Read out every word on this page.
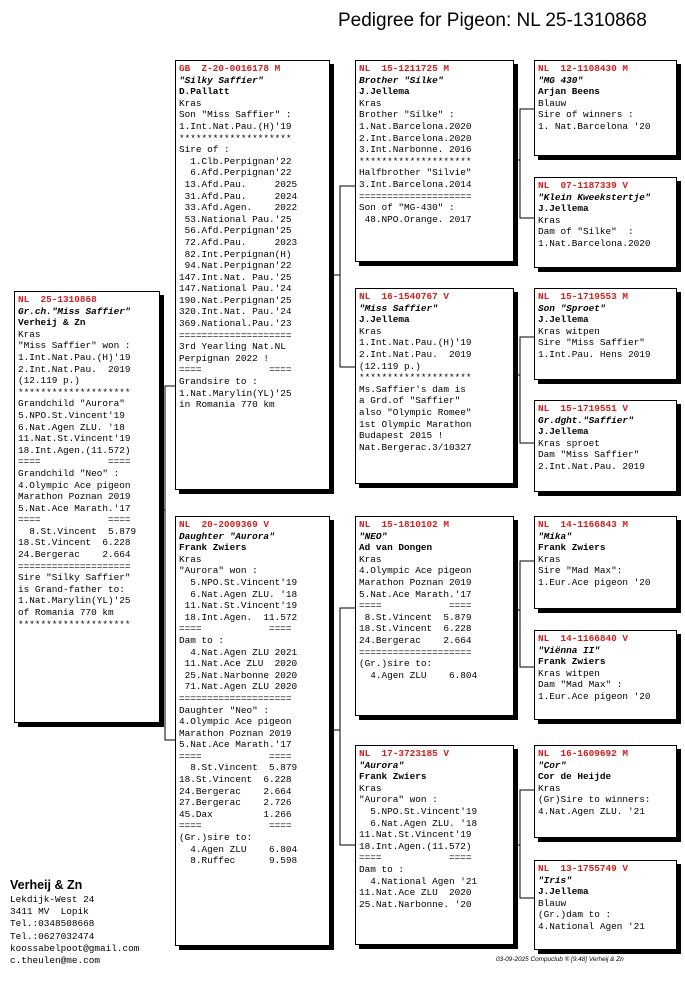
Pedigree for Pigeon: NL 25-1310868
NL  25-1310868
Gr.ch."Miss Saffier"
Verheij & Zn
Kras
"Miss Saffier" won :
1.Int.Nat.Pau.(H)'19
2.Int.Nat.Pau.  2019
(12.119 p.)
********************
Grandchild "Aurora"
5.NPO.St.Vincent'19
6.Nat.Agen ZLU. '18
11.Nat.St.Vincent'19
18.Int.Agen.(11.572)
====            ====
Grandchild "Neo" :
4.Olympic Ace pigeon
Marathon Poznan 2019
5.Nat.Ace Marath.'17
====            ====
8.St.Vincent  5.879
18.St.Vincent  6.228
24.Bergerac    2.664
====================
Sire "Silky Saffier"
is Grand-father to:
1.Nat.Marylin(YL)'25
of Romania 770 km
********************
GB  Z-20-0016178 M
"Silky Saffier"
D.Pallatt
Kras
Son "Miss Saffier" :
1.Int.Nat.Pau.(H)'19
********************
Sire of :
1.Clb.Perpignan'22
6.Afd.Perpignan'22
13.Afd.Pau.     2025
31.Afd.Pau.     2024
33.Afd.Agen.    2022
53.National Pau.'25
56.Afd.Perpignan'25
72.Afd.Pau.     2023
82.Int.Perpignan(H)
94.Nat.Perpignan'22
147.Int.Nat. Pau.'25
147.National Pau.'24
190.Nat.Perpignan'25
320.Int.Nat. Pau.'24
369.National.Pau.'23
====================
3rd Yearling Nat.NL
Perpignan 2022 !
====            ====
Grandsire to :
1.Nat.Marylin(YL)'25
in Romania 770 km
NL  20-2009369 V
Daughter "Aurora"
Frank Zwiers
Kras
"Aurora" won :
5.NPO.St.Vincent'19
6.Nat.Agen ZLU. '18
11.Nat.St.Vincent'19
18.Int.Agen.  11.572
====            ====
Dam to :
4.Nat.Agen ZLU 2021
11.Nat.Ace ZLU  2020
25.Nat.Narbonne 2020
71.Nat.Agen ZLU 2020
====================
Daughter "Neo" :
4.Olympic Ace pigeon
Marathon Poznan 2019
5.Nat.Ace Marath.'17
====            ====
8.St.Vincent  5.879
18.St.Vincent  6.228
24.Bergerac    2.664
27.Bergerac    2.726
45.Dax         1.266
====            ====
(Gr.)sire to:
4.Agen ZLU    6.804
8.Ruffec      9.598
NL  15-1211725 M
Brother "Silke"
J.Jellema
Kras
Brother "Silke" :
1.Nat.Barcelona.2020
2.Int.Barcelona.2020
3.Int.Narbonne. 2016
********************
Halfbrother "Silvie"
3.Int.Barcelona.2014
====================
Son of "MG-430" :
48.NPO.Orange. 2017
NL  16-1540767 V
"Miss Saffier"
J.Jellema
Kras
1.Int.Nat.Pau.(H)'19
2.Int.Nat.Pau.  2019
(12.119 p.)
********************
Ms.Saffier's dam is
a Grd.of "Saffier"
also "Olympic Romee"
1st Olympic Marathon
Budapest 2015 !
Nat.Bergerac.3/10327
NL  15-1810102 M
"NEO"
Ad van Dongen
Kras
4.Olympic Ace pigeon
Marathon Poznan 2019
5.Nat.Ace Marath.'17
====            ====
8.St.Vincent  5.879
18.St.Vincent  6.228
24.Bergerac    2.664
====================
(Gr.)sire to:
4.Agen ZLU    6.804
NL  17-3723185 V
"Aurora"
Frank Zwiers
Kras
"Aurora" won :
5.NPO.St.Vincent'19
6.Nat.Agen ZLU. '18
11.Nat.St.Vincent'19
18.Int.Agen.(11.572)
====            ====
Dam to :
4.National Agen '21
11.Nat.Ace ZLU  2020
25.Nat.Narbonne. '20
NL  12-1108430 M
"MG 430"
Arjan Beens
Blauw
Sire of winners :
1. Nat.Barcelona '20
NL  07-1187339 V
"Klein Kweekstertje"
J.Jellema
Kras
Dam of "Silke"  :
1.Nat.Barcelona.2020
NL  15-1719553 M
Son "Sproet"
J.Jellema
Kras witpen
Sire "Miss Saffier"
1.Int.Pau. Hens 2019
NL  15-1719551 V
Gr.dght."Saffier"
J.Jellema
Kras sproet
Dam "Miss Saffier"
2.Int.Nat.Pau. 2019
NL  14-1166843 M
"Mika"
Frank Zwiers
Kras
Sire "Mad Max":
1.Eur.Ace pigeon '20
NL  14-1166840 V
"Viënna II"
Frank Zwiers
Kras witpen
Dam "Mad Max" :
1.Eur.Ace pigeon '20
NL  16-1609692 M
"Cor"
Cor de Heijde
Kras
(Gr)Sire to winners:
4.Nat.Agen ZLU. '21
NL  13-1755749 V
"Iris"
J.Jellema
Blauw
(Gr.)dam to :
4.National Agen '21
Verheij & Zn
Lekdijk-West 24
3411 MV  Lopik
Tel.:0348508668
Tel.:0627032474
koossabelpoot@gmail.com
c.theulen@me.com	03-09-2025 Compuclub ® [9.48] Verheij & Zn
